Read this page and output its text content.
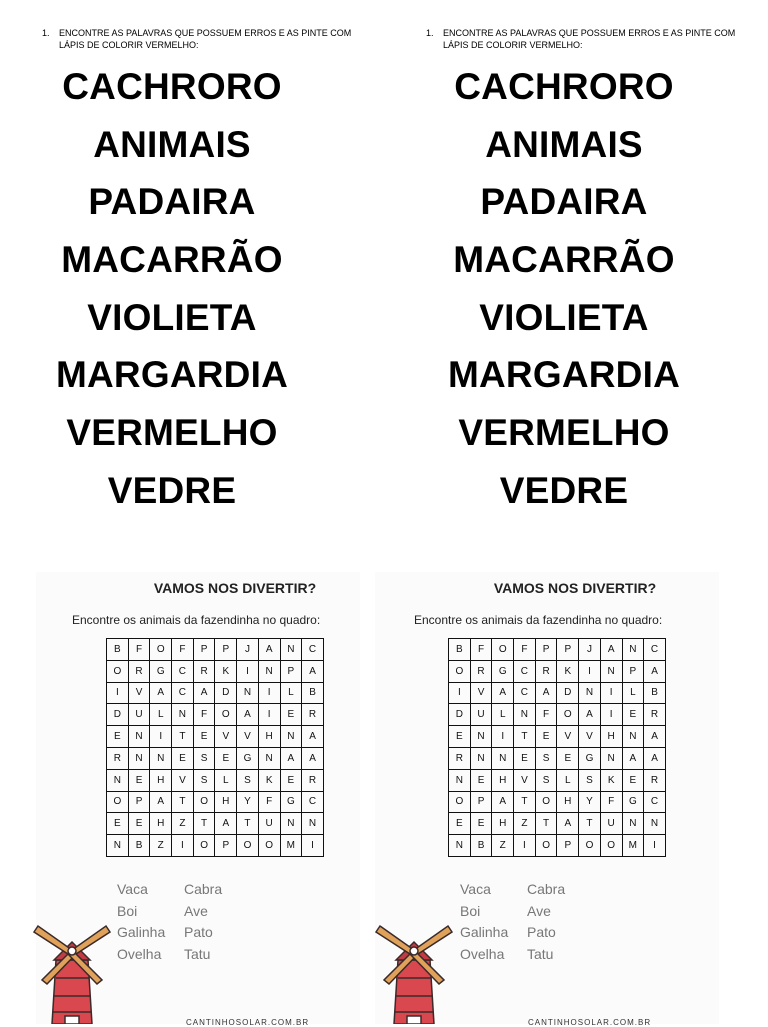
1.	ENCONTRE AS PALAVRAS QUE POSSUEM ERROS E AS PINTE COM LÁPIS DE COLORIR VERMELHO:
CACHRORO
ANIMAIS
PADAIRA
MACARRÃO
VIOLIETA
MARGARDIA
VERMELHO
VEDRE
1.	ENCONTRE AS PALAVRAS QUE POSSUEM ERROS E AS PINTE COM LÁPIS DE COLORIR VERMELHO:
CACHRORO
ANIMAIS
PADAIRA
MACARRÃO
VIOLIETA
MARGARDIA
VERMELHO
VEDRE
VAMOS NOS DIVERTIR?	VAMOS NOS DIVERTIR?
Encontre os animais da fazendinha no quadro:	Encontre os animais da fazendinha no quadro:
B	F	O	F	P	P	J	A	N	C
O	R	G	C	R	K	I	N	P	A
I	V	A	C	A	D	N	I	L	B
D	U	L	N	F	O	A	I	E	R
E	N	I	T	E	V	V	H	N	A
R	N	N	E	S	E	G	N	A	A
N	E	H	V	S	L	S	K	E	R
O	P	A	T	O	H	Y	F	G	C
E	E	H	Z	T	A	T	U	N	N
N	B	Z	I	O	P	O	O	M	I
B	F	O	F	P	P	J	A	N	C
O	R	G	C	R	K	I	N	P	A
I	V	A	C	A	D	N	I	L	B
D	U	L	N	F	O	A	I	E	R
E	N	I	T	E	V	V	H	N	A
R	N	N	E	S	E	G	N	A	A
N	E	H	V	S	L	S	K	E	R
O	P	A	T	O	H	Y	F	G	C
E	E	H	Z	T	A	T	U	N	N
N	B	Z	I	O	P	O	O	M	I
Vaca	Cabra
Boi	Ave
Galinha	Pato
Ovelha	Tatu
Vaca	Cabra
Boi	Ave
Galinha	Pato
Ovelha	Tatu
CANTINHOSOLAR.COM.BR	CANTINHOSOLAR.COM.BR
